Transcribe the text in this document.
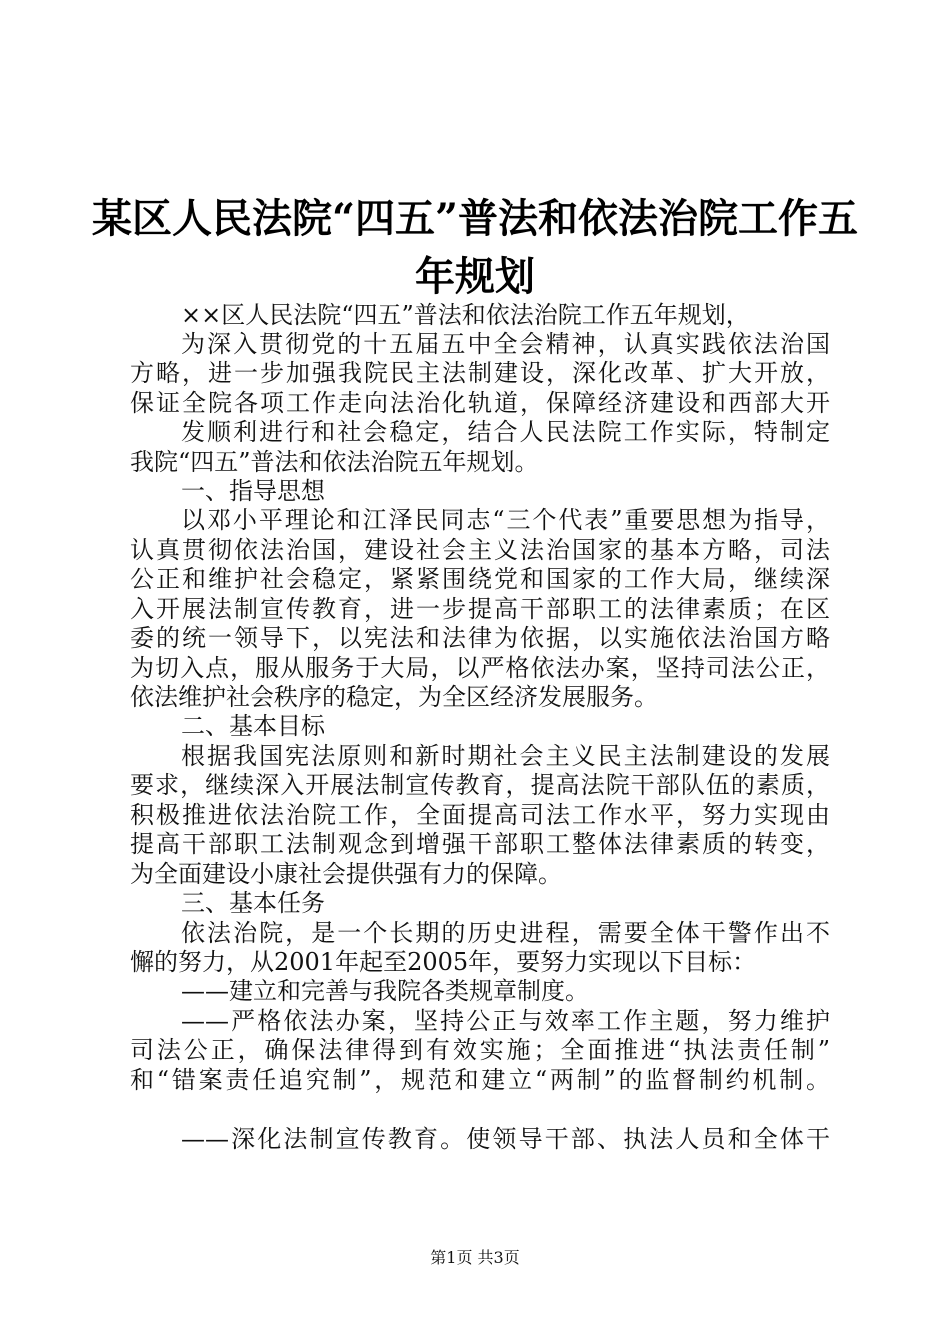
某区人民法院“四五”普法和依法治院工作五
年规划
××区人民法院“四五”普法和依法治院工作五年规划，
为深入贯彻党的十五届五中全会精神，认真实践依法治国
方略，进一步加强我院民主法制建设，深化改革、扩大开放，
保证全院各项工作走向法治化轨道，保障经济建设和西部大开
发顺利进行和社会稳定，结合人民法院工作实际，特制定
我院“四五”普法和依法治院五年规划。
一、指导思想
以邓小平理论和江泽民同志“三个代表”重要思想为指导，
认真贯彻依法治国，建设社会主义法治国家的基本方略，司法
公正和维护社会稳定，紧紧围绕党和国家的工作大局，继续深
入开展法制宣传教育，进一步提高干部职工的法律素质；在区
委的统一领导下，以宪法和法律为依据，以实施依法治国方略
为切入点，服从服务于大局，以严格依法办案，坚持司法公正，
依法维护社会秩序的稳定，为全区经济发展服务。
二、基本目标
根据我国宪法原则和新时期社会主义民主法制建设的发展
要求，继续深入开展法制宣传教育，提高法院干部队伍的素质，
积极推进依法治院工作，全面提高司法工作水平，努力实现由
提高干部职工法制观念到增强干部职工整体法律素质的转变，
为全面建设小康社会提供强有力的保障。
三、基本任务
依法治院，是一个长期的历史进程，需要全体干警作出不
懈的努力，从2001年起至2005年，要努力实现以下目标：
——建立和完善与我院各类规章制度。
——严格依法办案，坚持公正与效率工作主题，努力维护
司法公正，确保法律得到有效实施；全面推进“执法责任制”
和“错案责任追究制”，规范和建立“两制”的监督制约机制。
——深化法制宣传教育。使领导干部、执法人员和全体干
第1页 共3页
